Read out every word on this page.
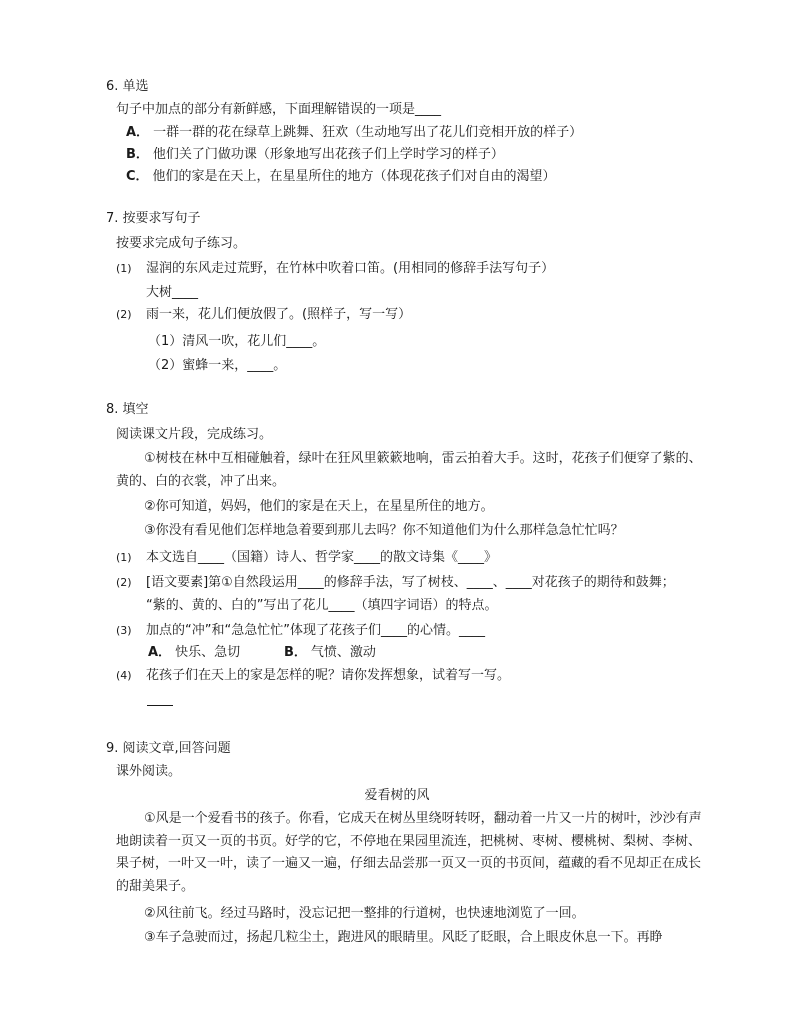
6. 单选
句子中加点的部分有新鲜感，下面理解错误的一项是____
A． 一群一群的花在绿草上跳舞、狂欢（生动地写出了花儿们竞相开放的样子）
B． 他们关了门做功课（形象地写出花孩子们上学时学习的样子）
C． 他们的家是在天上，在星星所住的地方（体现花孩子们对自由的渴望）
7. 按要求写句子
按要求完成句子练习。
(1) 湿润的东风走过荒野，在竹林中吹着口笛。(用相同的修辞手法写句子）
大树____
(2) 雨一来，花儿们便放假了。(照样子，写一写）
（1）清风一吹，花儿们____。
（2）蜜蜂一来，____。
8. 填空
阅读课文片段，完成练习。
①树枝在林中互相碰触着，绿叶在狂风里簌簌地响，雷云拍着大手。这时，花孩子们便穿了紫的、黄的、白的衣裳，冲了出来。
②你可知道，妈妈，他们的家是在天上，在星星所住的地方。
③你没有看见他们怎样地急着要到那儿去吗？你不知道他们为什么那样急急忙忙吗？
(1) 本文选自____（国籍）诗人、哲学家____的散文诗集《____》
(2) [语文要素]第①自然段运用____的修辞手法，写了树枝、____、____对花孩子的期待和鼓舞；
“紫的、黄的、白的”写出了花儿____（填四字词语）的特点。
(3) 加点的“冲”和“急急忙忙”体现了花孩子们____的心情。____
A． 快乐、急切	B． 气愤、激动
(4) 花孩子们在天上的家是怎样的呢？请你发挥想象，试着写一写。
9. 阅读文章,回答问题
课外阅读。
爱看树的风
①风是一个爱看书的孩子。你看，它成天在树丛里绕呀转呀，翻动着一片又一片的树叶，沙沙有声地朗读着一页又一页的书页。好学的它，不停地在果园里流连，把桃树、枣树、樱桃树、梨树、李树、果子树，一叶又一叶，读了一遍又一遍，仔细去品尝那一页又一页的书页间，蕴藏的看不见却正在成长的甜美果子。
②风往前飞。经过马路时，没忘记把一整排的行道树，也快速地浏览了一回。
③车子急驶而过，扬起几粒尘土，跑进风的眼睛里。风眨了眨眼，合上眼皮休息一下。再睁
